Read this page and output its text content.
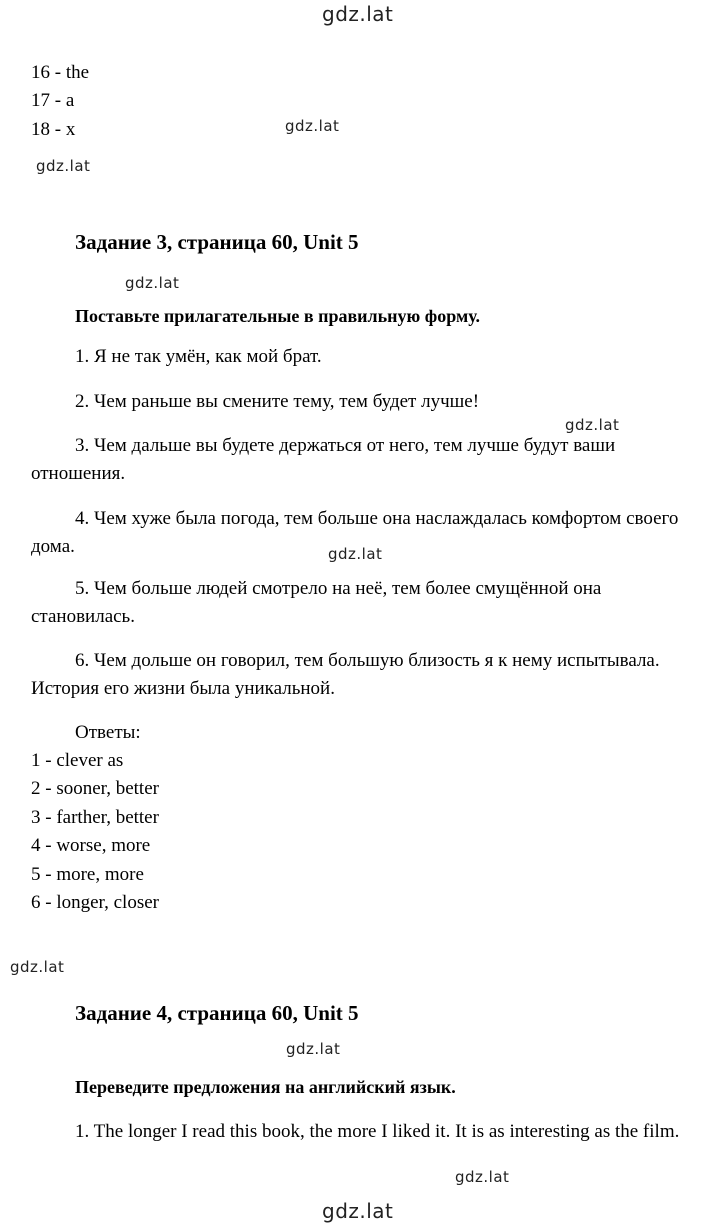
gdz.lat
gdz.lat
gdz.lat
gdz.lat
gdz.lat
gdz.lat
gdz.lat
gdz.lat
gdz.lat
gdz.lat
16 - the
17 - a
18 - x
Задание 3, страница 60, Unit 5
Поставьте прилагательные в правильную форму.
1. Я не так умён, как мой брат.
2. Чем раньше вы смените тему, тем будет лучше!
3. Чем дальше вы будете держаться от него, тем лучше будут ваши отношения.
4. Чем хуже была погода, тем больше она наслаждалась комфортом своего дома.
5. Чем больше людей смотрело на неё, тем более смущённой она становилась.
6. Чем дольше он говорил, тем большую близость я к нему испытывала. История его жизни была уникальной.
Ответы:
1 - clever as
2 - sooner, better
3 - farther, better
4 - worse, more
5 - more, more
6 - longer, closer
Задание 4, страница 60, Unit 5
Переведите предложения на английский язык.
1. The longer I read this book, the more I liked it. It is as interesting as the film.
